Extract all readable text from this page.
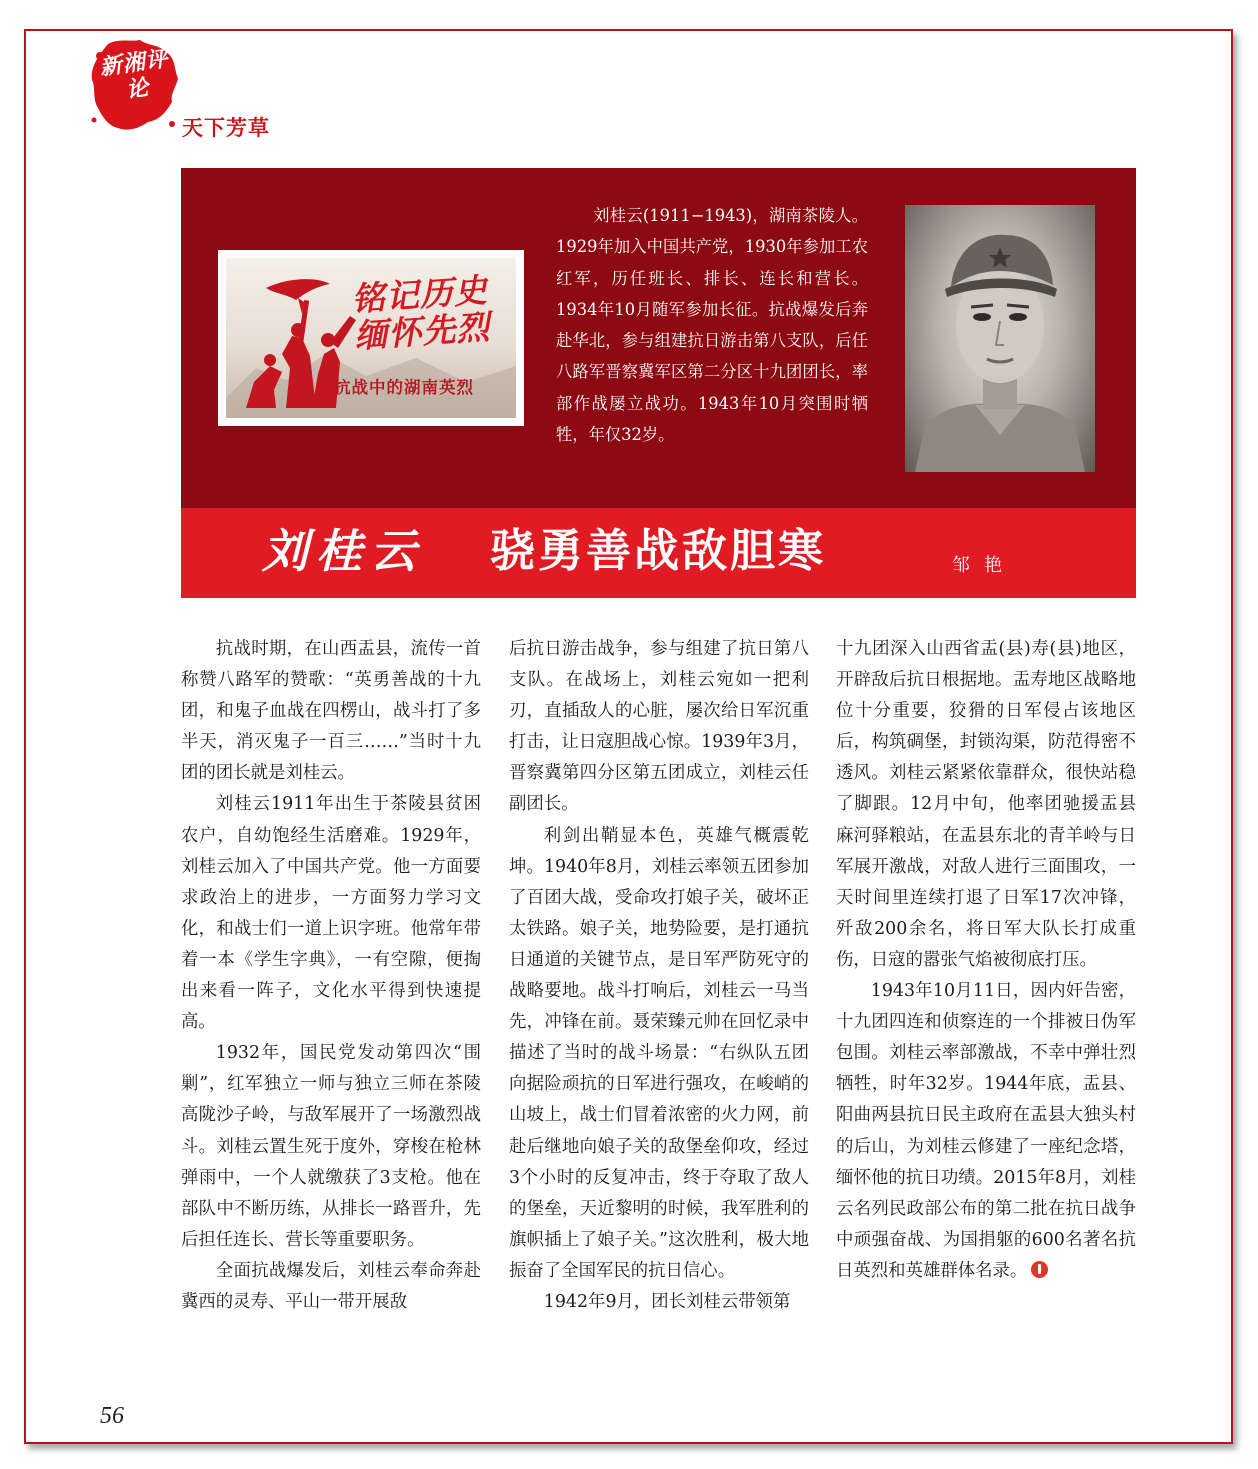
新湘评论
天下芳草
铭记历史
缅怀先烈
抗战中的湖南英烈

刘桂云(1911−1943)，湖南茶陵人。1929年加入中国共产党，1930年参加工农红军，历任班长、排长、连长和营长。1934年10月随军参加长征。抗战爆发后奔赴华北，参与组建抗日游击第八支队，后任八路军晋察冀军区第二分区十九团团长，率部作战屡立战功。1943年10月突围时牺牲，年仅32岁。

刘桂云 骁勇善战敌胆寒	邹艳

抗战时期，在山西盂县，流传一首称赞八路军的赞歌：“英勇善战的十九团，和鬼子血战在四楞山，战斗打了多半天，消灭鬼子一百三……”当时十九团的团长就是刘桂云。

刘桂云1911年出生于茶陵县贫困农户，自幼饱经生活磨难。1929年，刘桂云加入了中国共产党。他一方面要求政治上的进步，一方面努力学习文化，和战士们一道上识字班。他常年带着一本《学生字典》，一有空隙，便掏出来看一阵子，文化水平得到快速提高。

1932年，国民党发动第四次“围剿”，红军独立一师与独立三师在茶陵高陇沙子岭，与敌军展开了一场激烈战斗。刘桂云置生死于度外，穿梭在枪林弹雨中，一个人就缴获了3支枪。他在部队中不断历练，从排长一路晋升，先后担任连长、营长等重要职务。

全面抗战爆发后，刘桂云奉命奔赴冀西的灵寿、平山一带开展敌

后抗日游击战争，参与组建了抗日第八支队。在战场上，刘桂云宛如一把利刃，直插敌人的心脏，屡次给日军沉重打击，让日寇胆战心惊。1939年3月，晋察冀第四分区第五团成立，刘桂云任副团长。

利剑出鞘显本色，英雄气概震乾坤。1940年8月，刘桂云率领五团参加了百团大战，受命攻打娘子关，破坏正太铁路。娘子关，地势险要，是打通抗日通道的关键节点，是日军严防死守的战略要地。战斗打响后，刘桂云一马当先，冲锋在前。聂荣臻元帅在回忆录中描述了当时的战斗场景：“右纵队五团向据险顽抗的日军进行强攻，在峻峭的山坡上，战士们冒着浓密的火力网，前赴后继地向娘子关的敌堡垒仰攻，经过3个小时的反复冲击，终于夺取了敌人的堡垒，天近黎明的时候，我军胜利的旗帜插上了娘子关。”这次胜利，极大地振奋了全国军民的抗日信心。

1942年9月，团长刘桂云带领第

十九团深入山西省盂(县)寿(县)地区，开辟敌后抗日根据地。盂寿地区战略地位十分重要，狡猾的日军侵占该地区后，构筑碉堡，封锁沟渠，防范得密不透风。刘桂云紧紧依靠群众，很快站稳了脚跟。12月中旬，他率团驰援盂县麻河驿粮站，在盂县东北的青羊岭与日军展开激战，对敌人进行三面围攻，一天时间里连续打退了日军17次冲锋，歼敌200余名，将日军大队长打成重伤，日寇的嚣张气焰被彻底打压。

1943年10月11日，因内奸告密，十九团四连和侦察连的一个排被日伪军包围。刘桂云率部激战，不幸中弹壮烈牺牲，时年32岁。1944年底，盂县、阳曲两县抗日民主政府在盂县大独头村的后山，为刘桂云修建了一座纪念塔，缅怀他的抗日功绩。2015年8月，刘桂云名列民政部公布的第二批在抗日战争中顽强奋战、为国捐躯的600名著名抗日英烈和英雄群体名录。

56
